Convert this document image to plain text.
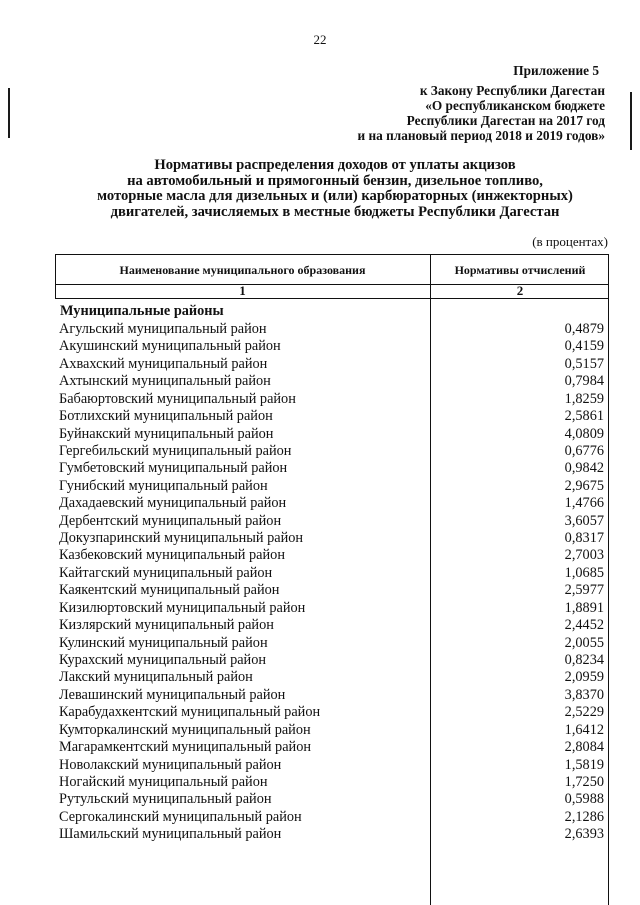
22
Приложение 5
к Закону Республики Дагестан
«О республиканском бюджете
Республики Дагестан на 2017 год
и на плановый период 2018 и 2019 годов»
Нормативы распределения доходов от уплаты акцизов
на автомобильный и прямогонный бензин, дизельное топливо,
моторные масла для дизельных и (или) карбюраторных (инжекторных)
двигателей, зачисляемых в местные бюджеты Республики Дагестан
(в процентах)
Наименование муниципального образования	Нормативы отчислений
1	2
Муниципальные районы
Агульский муниципальный район	0,4879
Акушинский муниципальный район	0,4159
Ахвахский муниципальный район	0,5157
Ахтынский муниципальный район	0,7984
Бабаюртовский муниципальный район	1,8259
Ботлихский муниципальный район	2,5861
Буйнакский муниципальный район	4,0809
Гергебильский муниципальный район	0,6776
Гумбетовский муниципальный район	0,9842
Гунибский муниципальный район	2,9675
Дахадаевский муниципальный район	1,4766
Дербентский муниципальный район	3,6057
Докузпаринский муниципальный район	0,8317
Казбековский муниципальный район	2,7003
Кайтагский муниципальный район	1,0685
Каякентский муниципальный район	2,5977
Кизилюртовский муниципальный район	1,8891
Кизлярский муниципальный район	2,4452
Кулинский муниципальный район	2,0055
Курахский муниципальный район	0,8234
Лакский муниципальный район	2,0959
Левашинский муниципальный район	3,8370
Карабудахкентский муниципальный район	2,5229
Кумторкалинский муниципальный район	1,6412
Магарамкентский муниципальный район	2,8084
Новолакский муниципальный район	1,5819
Ногайский муниципальный район	1,7250
Рутульский муниципальный район	0,5988
Сергокалинский муниципальный район	2,1286
Шамильский муниципальный район	2,6393
